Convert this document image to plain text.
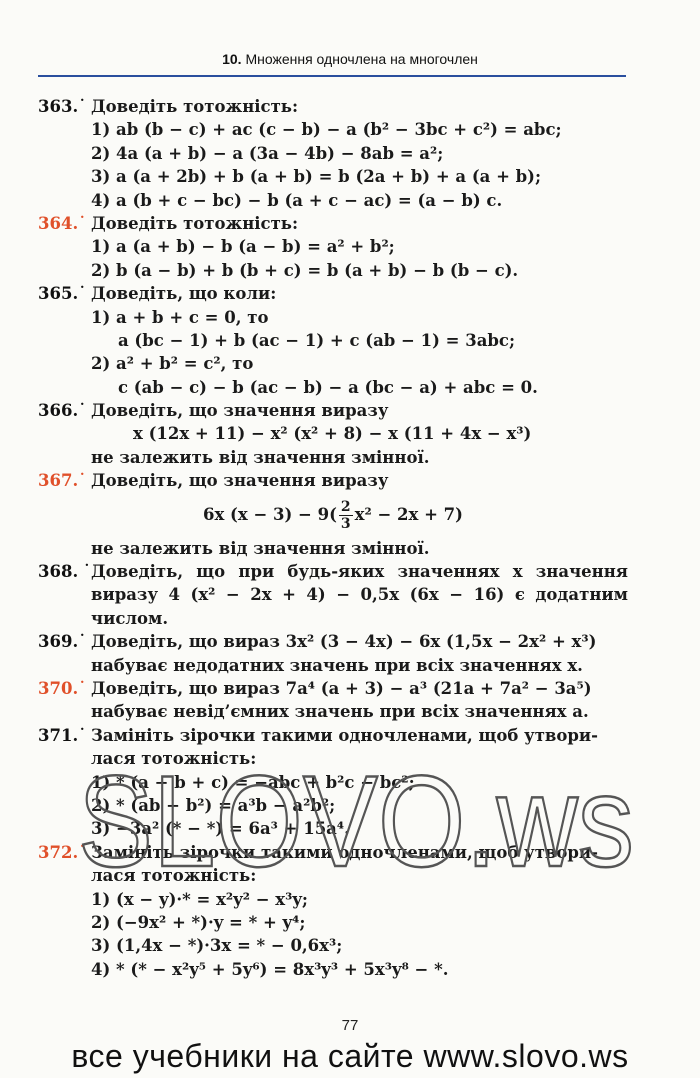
10. Множення одночлена на многочлен
363.˙ Доведіть тотожність:
1) ab (b − c) + ac (c − b) − a (b² − 3bc + c²) = abc;
2) 4a (a + b) − a (3a − 4b) − 8ab = a²;
3) a (a + 2b) + b (a + b) = b (2a + b) + a (a + b);
4) a (b + c − bc) − b (a + c − ac) = (a − b) c.
364.˙ Доведіть тотожність:
1) a (a + b) − b (a − b) = a² + b²;
2) b (a − b) + b (b + c) = b (a + b) − b (b − c).
365.˙ Доведіть, що коли:
1) a + b + c = 0, то
a (bc − 1) + b (ac − 1) + c (ab − 1) = 3abc;
2) a² + b² = c², то
c (ab − c) − b (ac − b) − a (bc − a) + abc = 0.
366.˙ Доведіть, що значення виразу
x (12x + 11) − x² (x² + 8) − x (11 + 4x − x³)
не залежить від значення змінної.
367.˙ Доведіть, що значення виразу
6x $(x - 3) - 9( \frac{2}{3} x^2 - 2x + 7)$
не залежить від значення змінної.
368.˙Доведіть, що при будь-яких значеннях x значення
виразу 4 (x² − 2x + 4) − 0,5x (6x − 16) є додатним
числом.
369.˙ Доведіть, що вираз 3x² (3 − 4x) − 6x (1,5x − 2x² + x³)
набуває недодатних значень при всіх значеннях x.
370.˙ Доведіть, що вираз 7a⁴ (a + 3) − a³ (21a + 7a² − 3a⁵)
набуває невід’ємних значень при всіх значеннях a.
371.˙ Замініть зірочки такими одночленами, щоб утвори-
лася тотожність:
1) * (a − b + c) = −abc + b²c − bc²;
2) * (ab − b²) = a³b − a²b²;
3) −3a² (* − *) = 6a³ + 15a⁴.
372.˙ Замініть зірочки такими одночленами, щоб утвори-
лася тотожність:
1) (x − y)·* = x²y² − x³y;
2) (−9x² + *)·y = * + y⁴;
3) (1,4x − *)·3x = * − 0,6x³;
4) * (* − x²y⁵ + 5y⁶) = 8x³y³ + 5x³y⁸ − *.
SLOVO.ws
77
все учебники на сайте www.slovo.ws
